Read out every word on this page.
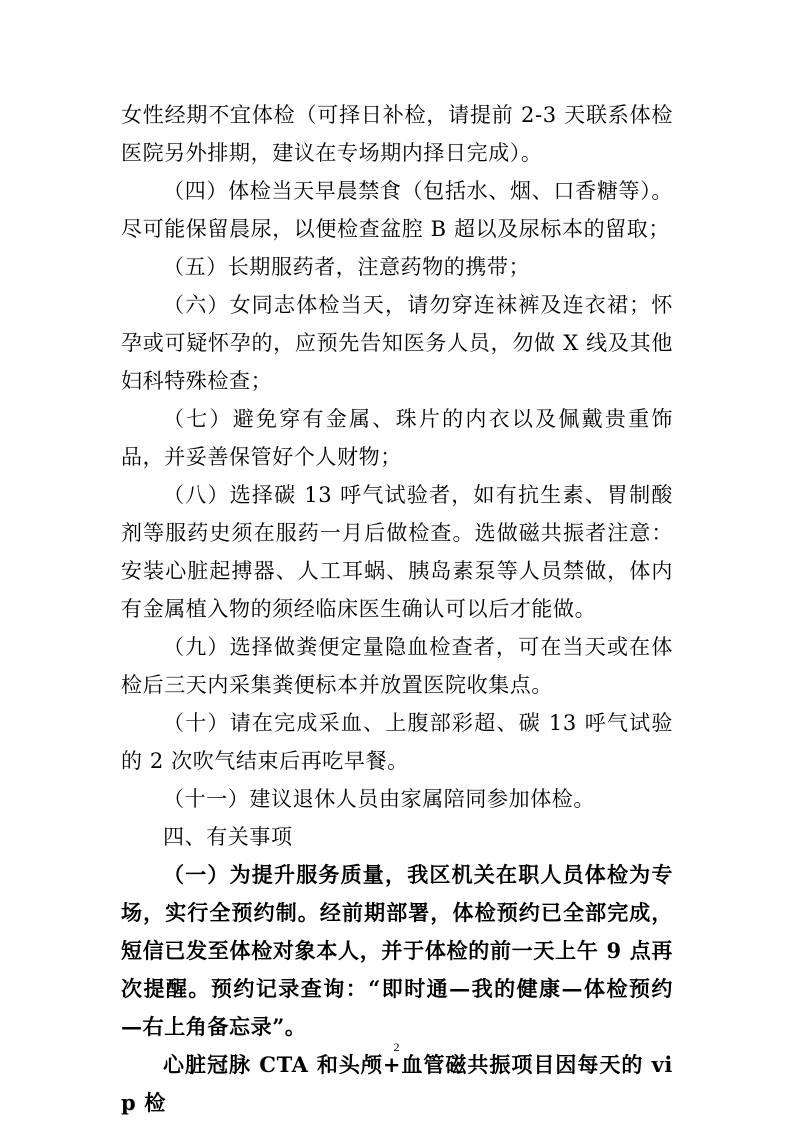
女性经期不宜体检（可择日补检，请提前 2-3 天联系体检医院另外排期，建议在专场期内择日完成）。

（四）体检当天早晨禁食（包括水、烟、口香糖等）。尽可能保留晨尿，以便检查盆腔 B 超以及尿标本的留取；

（五）长期服药者，注意药物的携带；

（六）女同志体检当天，请勿穿连袜裤及连衣裙；怀孕或可疑怀孕的，应预先告知医务人员，勿做 X 线及其他妇科特殊检查；

（七）避免穿有金属、珠片的内衣以及佩戴贵重饰品，并妥善保管好个人财物；

（八）选择碳 13 呼气试验者，如有抗生素、胃制酸剂等服药史须在服药一月后做检查。选做磁共振者注意：安装心脏起搏器、人工耳蜗、胰岛素泵等人员禁做，体内有金属植入物的须经临床医生确认可以后才能做。

（九）选择做粪便定量隐血检查者，可在当天或在体检后三天内采集粪便标本并放置医院收集点。

（十）请在完成采血、上腹部彩超、碳 13 呼气试验的 2 次吹气结束后再吃早餐。

（十一）建议退休人员由家属陪同参加体检。

四、有关事项

（一）为提升服务质量，我区机关在职人员体检为专场，实行全预约制。经前期部署，体检预约已全部完成，短信已发至体检对象本人，并于体检的前一天上午 9 点再次提醒。预约记录查询：“即时通—我的健康—体检预约—右上角备忘录”。

心脏冠脉 CTA 和头颅+血管磁共振项目因每天的 vip 检

2
